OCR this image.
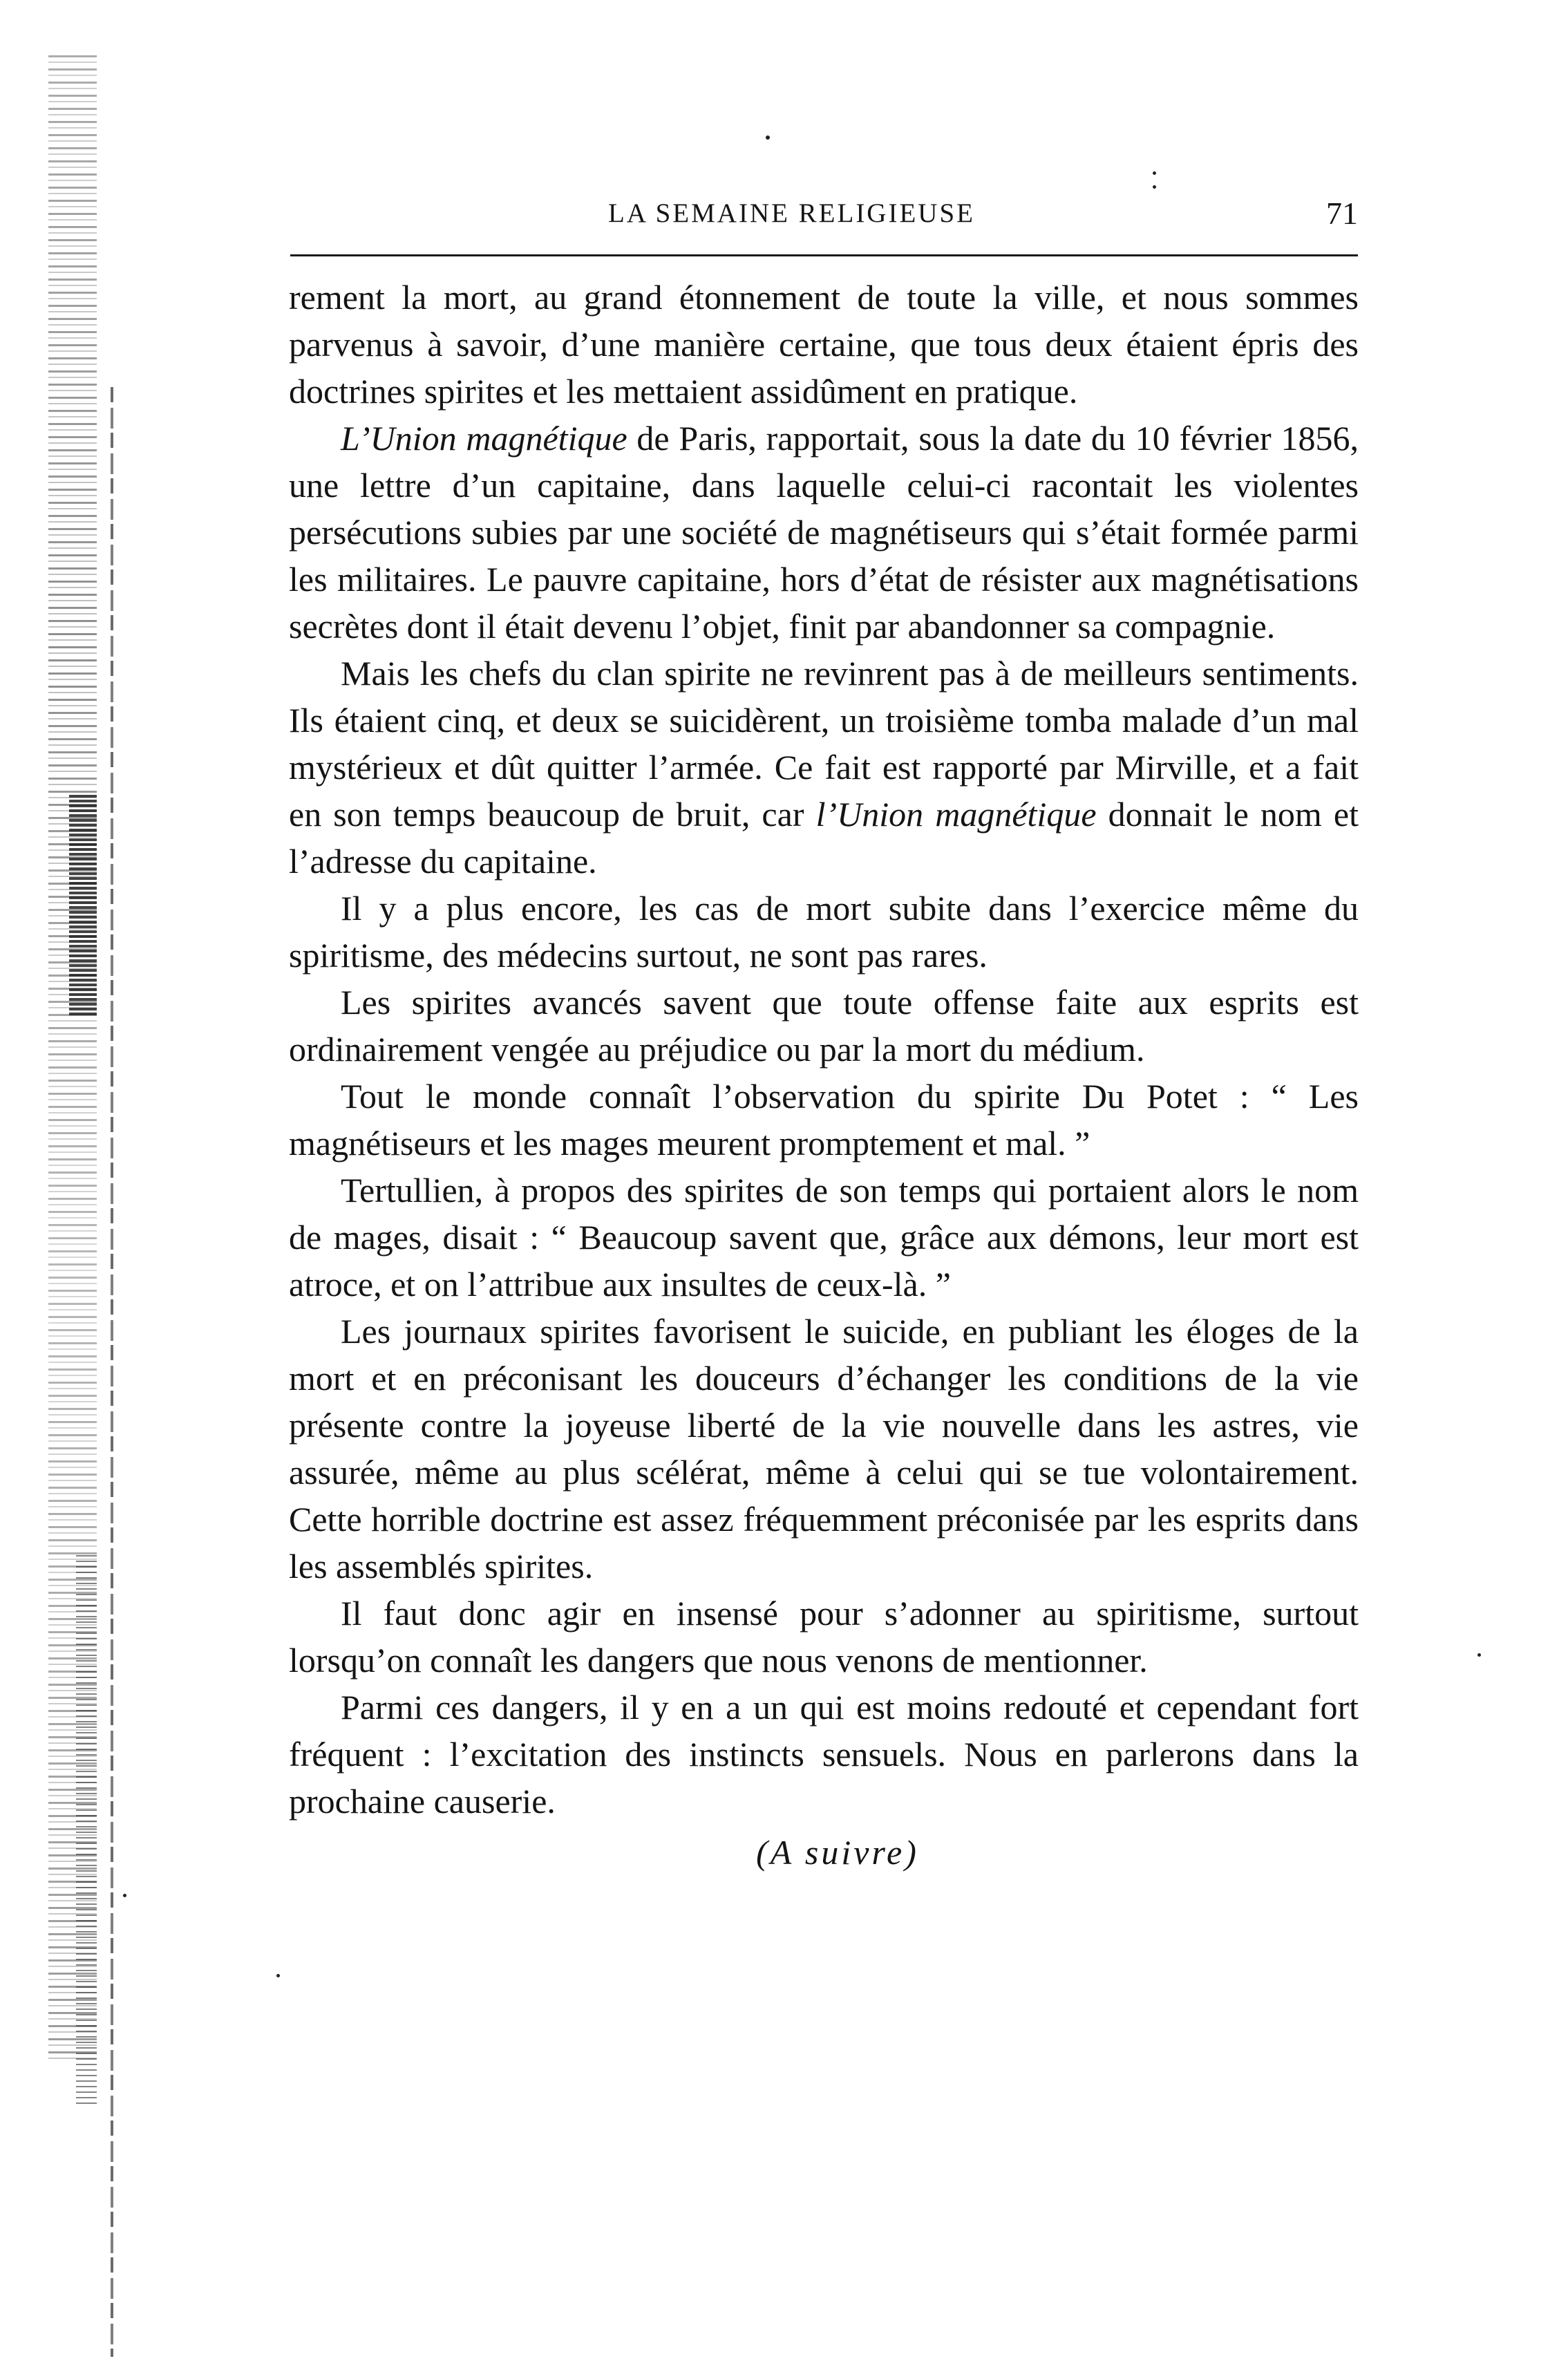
LA SEMAINE RELIGIEUSE	71

rement la mort, au grand étonnement de toute la ville, et nous sommes parvenus à savoir, d’une manière certaine, que tous deux étaient épris des doctrines spirites et les mettaient assidûment en pratique.

L’Union magnétique de Paris, rapportait, sous la date du 10 février 1856, une lettre d’un capitaine, dans laquelle celui-ci racontait les violentes persécutions subies par une société de magnétiseurs qui s’était formée parmi les militaires. Le pauvre capitaine, hors d’état de résister aux magnétisations secrètes dont il était devenu l’objet, finit par abandonner sa compagnie.

Mais les chefs du clan spirite ne revinrent pas à de meilleurs sentiments. Ils étaient cinq, et deux se suicidèrent, un troisième tomba malade d’un mal mystérieux et dût quitter l’armée. Ce fait est rapporté par Mirville, et a fait en son temps beaucoup de bruit, car l’Union magnétique donnait le nom et l’adresse du capitaine.

Il y a plus encore, les cas de mort subite dans l’exercice même du spiritisme, des médecins surtout, ne sont pas rares.

Les spirites avancés savent que toute offense faite aux esprits est ordinairement vengée au préjudice ou par la mort du médium.

Tout le monde connaît l’observation du spirite Du Potet : “ Les magnétiseurs et les mages meurent promptement et mal. ”

Tertullien, à propos des spirites de son temps qui portaient alors le nom de mages, disait : “ Beaucoup savent que, grâce aux démons, leur mort est atroce, et on l’attribue aux insultes de ceux-là. ”

Les journaux spirites favorisent le suicide, en publiant les éloges de la mort et en préconisant les douceurs d’échanger les conditions de la vie présente contre la joyeuse liberté de la vie nouvelle dans les astres, vie assurée, même au plus scélérat, même à celui qui se tue volontairement. Cette horrible doctrine est assez fréquemment préconisée par les esprits dans les assemblés spirites.

Il faut donc agir en insensé pour s’adonner au spiritisme, surtout lorsqu’on connaît les dangers que nous venons de mentionner.

Parmi ces dangers, il y en a un qui est moins redouté et cependant fort fréquent : l’excitation des instincts sensuels. Nous en parlerons dans la prochaine causerie.

(A suivre)
